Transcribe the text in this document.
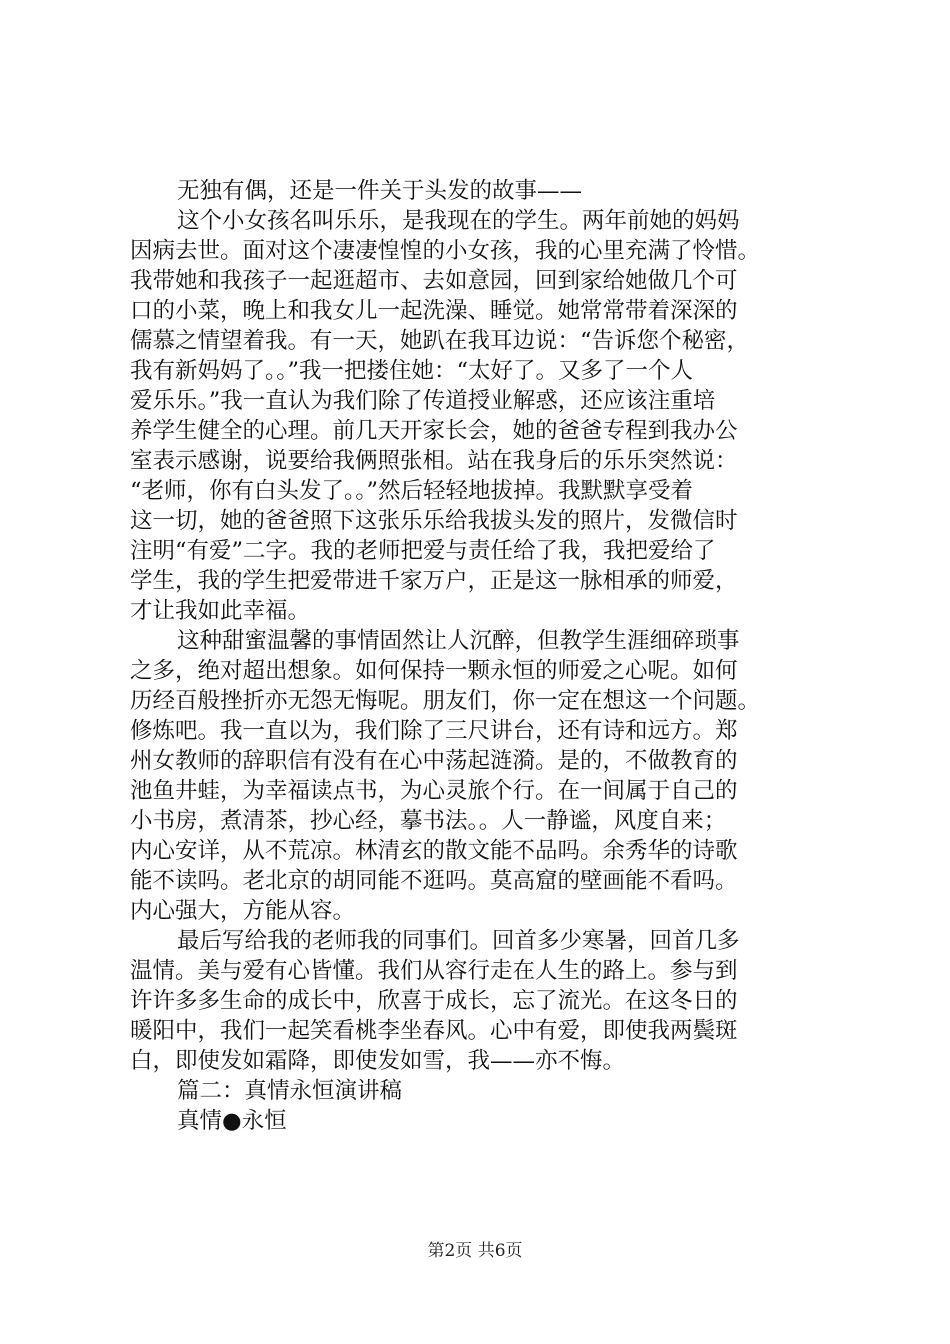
无独有偶，还是一件关于头发的故事——
这个小女孩名叫乐乐，是我现在的学生。两年前她的妈妈
因病去世。面对这个凄凄惶惶的小女孩，我的心里充满了怜惜。
我带她和我孩子一起逛超市、去如意园，回到家给她做几个可
口的小菜，晚上和我女儿一起洗澡、睡觉。她常常带着深深的
儒慕之情望着我。有一天，她趴在我耳边说：“告诉您个秘密，
我有新妈妈了。。”我一把搂住她：“太好了。又多了一个人
爱乐乐。”我一直认为我们除了传道授业解惑，还应该注重培
养学生健全的心理。前几天开家长会，她的爸爸专程到我办公
室表示感谢，说要给我俩照张相。站在我身后的乐乐突然说：
“老师，你有白头发了。。”然后轻轻地拔掉。我默默享受着
这一切，她的爸爸照下这张乐乐给我拔头发的照片，发微信时
注明“有爱”二字。我的老师把爱与责任给了我，我把爱给了
学生，我的学生把爱带进千家万户，正是这一脉相承的师爱，
才让我如此幸福。
这种甜蜜温馨的事情固然让人沉醉，但教学生涯细碎琐事
之多，绝对超出想象。如何保持一颗永恒的师爱之心呢。如何
历经百般挫折亦无怨无悔呢。朋友们，你一定在想这一个问题。
修炼吧。我一直以为，我们除了三尺讲台，还有诗和远方。郑
州女教师的辞职信有没有在心中荡起涟漪。是的，不做教育的
池鱼井蛙，为幸福读点书，为心灵旅个行。在一间属于自己的
小书房，煮清茶，抄心经，摹书法。。人一静谧，风度自来；
内心安详，从不荒凉。林清玄的散文能不品吗。余秀华的诗歌
能不读吗。老北京的胡同能不逛吗。莫高窟的壁画能不看吗。
内心强大，方能从容。
最后写给我的老师我的同事们。回首多少寒暑，回首几多
温情。美与爱有心皆懂。我们从容行走在人生的路上。参与到
许许多多生命的成长中，欣喜于成长，忘了流光。在这冬日的
暖阳中，我们一起笑看桃李坐春风。心中有爱，即使我两鬓斑
白，即使发如霜降，即使发如雪，我——亦不悔。
篇二：真情永恒演讲稿
真情●永恒
第2页 共6页
